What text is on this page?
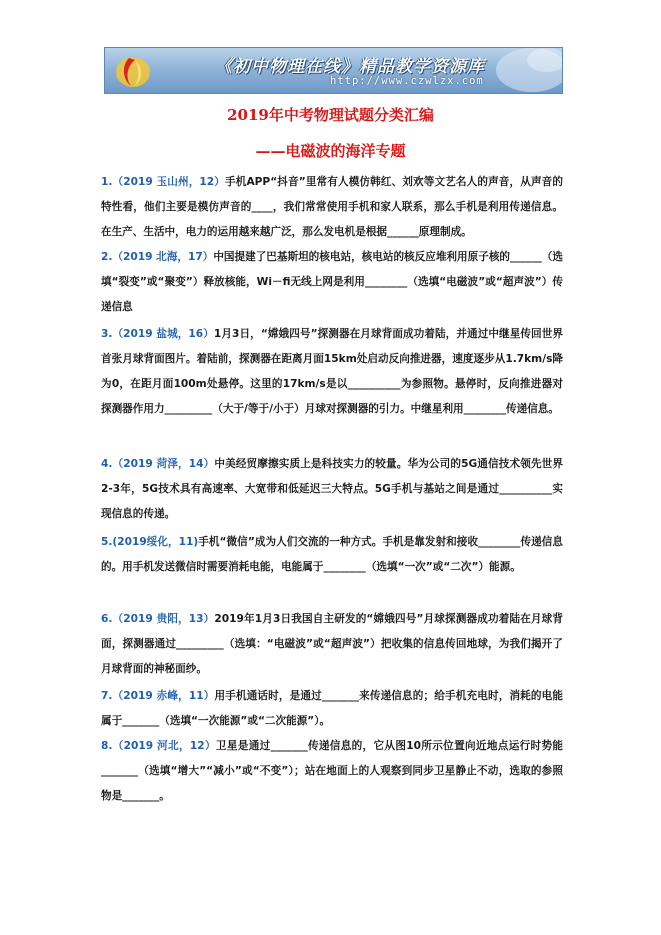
《初中物理在线》精品教学资源库
http://www.czwlzx.com
2019年中考物理试题分类汇编
——电磁波的海洋专题
1.（2019 玉山州，12）手机APP“抖音”里常有人模仿韩红、刘欢等文艺名人的声音，从声音的特性看，他们主要是模仿声音的____，我们常常使用手机和家人联系，那么手机是利用传递信息。在生产、生活中，电力的运用越来越广泛，那么发电机是根据______原理制成。
2.（2019 北海，17）中国提建了巴基斯坦的核电站，核电站的核反应堆利用原子核的______（选填“裂变”或“聚变”）释放核能，Wi－fi无线上网是利用________（选填“电磁波”或“超声波”）传递信息
3.（2019 盐城，16）1月3日，“嫦娥四号”探测器在月球背面成功着陆，并通过中继星传回世界首张月球背面图片。着陆前，探测器在距离月面15km处启动反向推进器，速度逐步从1.7km/s降为0，在距月面100m处悬停。这里的17km/s是以__________为参照物。悬停时，反向推进器对探测器作用力_________（大于/等于/小于）月球对探测器的引力。中继星利用________传递信息。
4.（2019 菏泽，14）中美经贸摩擦实质上是科技实力的较量。华为公司的5G通信技术领先世界2-3年，5G技术具有高速率、大宽带和低延迟三大特点。5G手机与基站之间是通过__________实现信息的传递。
5.(2019绥化，11)手机“微信”成为人们交流的一种方式。手机是靠发射和接收________传递信息的。用手机发送微信时需要消耗电能，电能属于________（选填“一次”或“二次”）能源。
6.（2019 贵阳，13）2019年1月3日我国自主研发的“嫦娥四号”月球探测器成功着陆在月球背面，探测器通过_________（选填：“电磁波”或“超声波”）把收集的信息传回地球，为我们揭开了月球背面的神秘面纱。
7.（2019 赤峰，11）用手机通话时，是通过_______来传递信息的；给手机充电时，消耗的电能属于_______（选填“一次能源”或“二次能源”）。
8.（2019 河北，12）卫星是通过_______传递信息的，它从图10所示位置向近地点运行时势能_______（选填“增大”“减小”或“不变”）；站在地面上的人观察到同步卫星静止不动，选取的参照物是_______。
